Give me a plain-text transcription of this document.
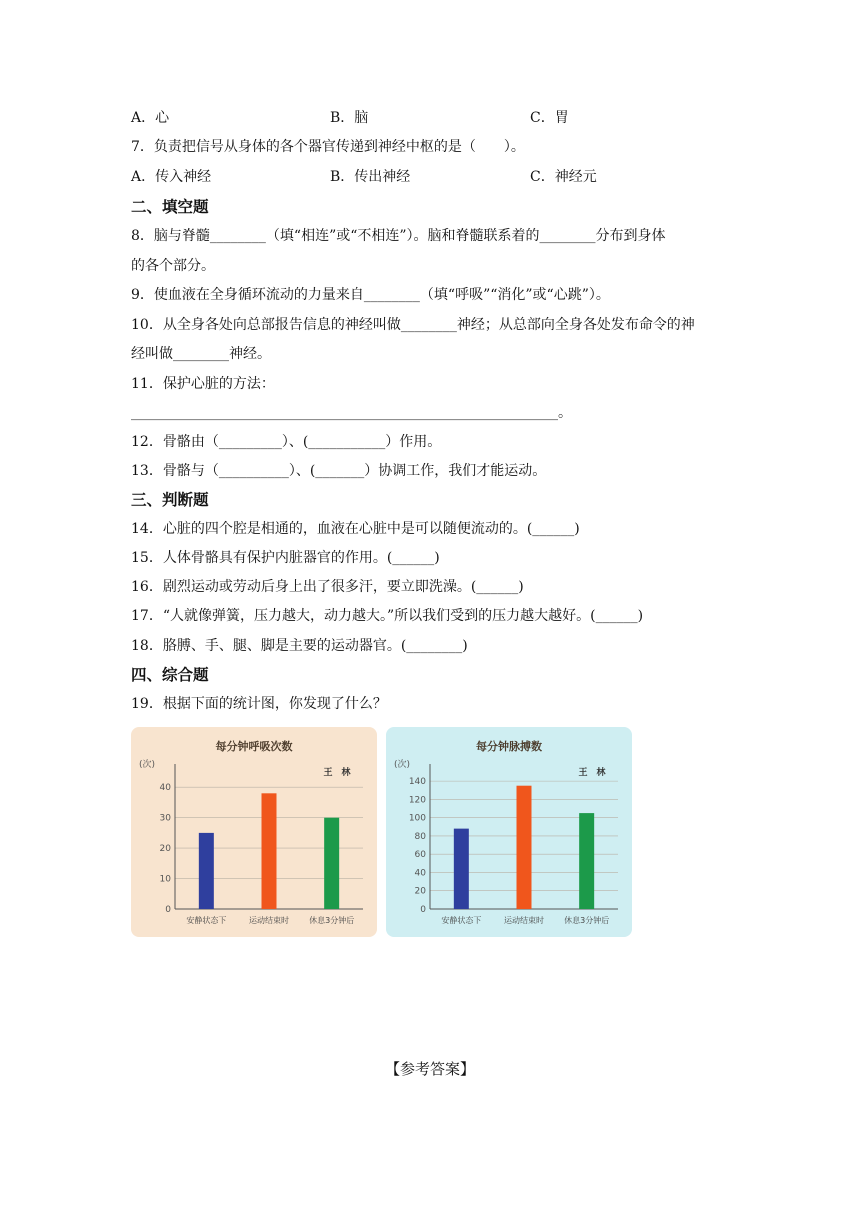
A．心	B．脑	C．胃
7．负责把信号从身体的各个器官传递到神经中枢的是（　　）。
A．传入神经	B．传出神经	C．神经元
二、填空题
8．脑与脊髓________（填“相连”或“不相连”）。脑和脊髓联系着的________分布到身体
的各个部分。
9．使血液在全身循环流动的力量来自________（填“呼吸”“消化”或“心跳”）。
10．从全身各处向总部报告信息的神经叫做________神经；从总部向全身各处发布命令的神
经叫做________神经。
11．保护心脏的方法：
_____________________________________________________________。
12．骨骼由（_________）、(___________）作用。
13．骨骼与（__________）、(_______）协调工作，我们才能运动。
三、判断题
14．心脏的四个腔是相通的，血液在心脏中是可以随便流动的。(______)
15．人体骨骼具有保护内脏器官的作用。(______)
16．剧烈运动或劳动后身上出了很多汗，要立即洗澡。(______)
17．“人就像弹簧，压力越大，动力越大。”所以我们受到的压力越大越好。(______)
18．胳膊、手、腿、脚是主要的运动器官。(________)
四、综合题
19．根据下面的统计图，你发现了什么？
每分钟呼吸次数
(次)
王　林
0
10
20
30
40
安静状态下	运动结束时	休息3分钟后
每分钟脉搏数
(次)
王　林
0
20
40
60
80
100
120
140
安静状态下	运动结束时	休息3分钟后
【参考答案】
